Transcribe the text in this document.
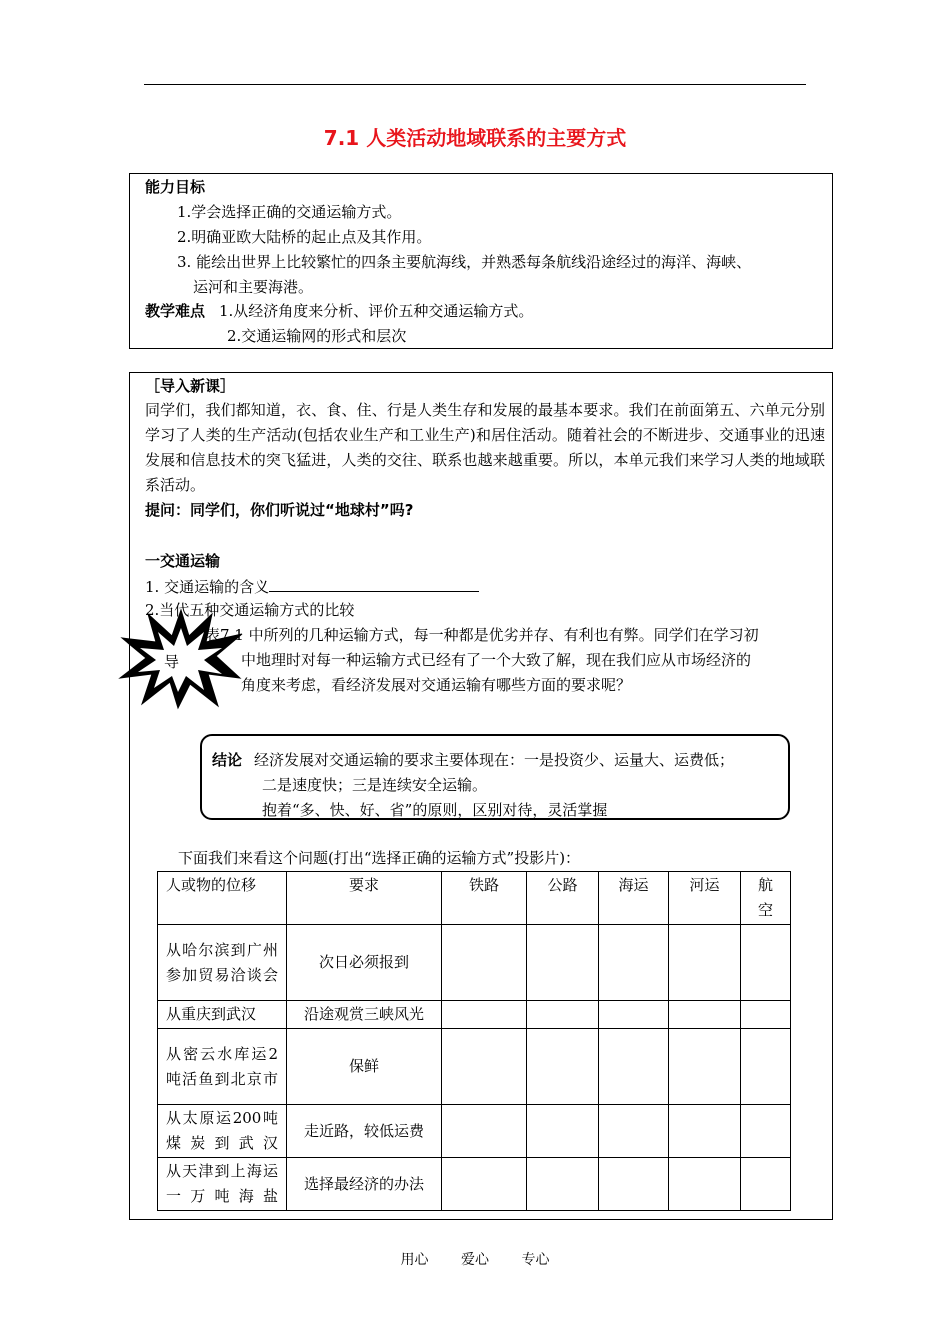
7.1 人类活动地域联系的主要方式
能力目标
1.学会选择正确的交通运输方式。
2.明确亚欧大陆桥的起止点及其作用。
3. 能绘出世界上比较繁忙的四条主要航海线，并熟悉每条航线沿途经过的海洋、海峡、
运河和主要海港。
教学难点 1.从经济角度来分析、评价五种交通运输方式。
2.交通运输网的形式和层次
［导入新课］
同学们，我们都知道，衣、食、住、行是人类生存和发展的最基本要求。我们在前面第五、六单元分别学习了人类的生产活动(包括农业生产和工业生产)和居住活动。随着社会的不断进步、交通事业的迅速发展和信息技术的突飞猛进，人类的交往、联系也越来越重要。所以，本单元我们来学习人类的地域联系活动。
提问：同学们，你们听说过“地球村”吗?
一交通运输
1. 交通运输的含义
2.当代五种交通运输方式的比较
导
表7.1 中所列的几种运输方式，每一种都是优劣并存、有利也有弊。同学们在学习初
中地理时对每一种运输方式已经有了一个大致了解，现在我们应从市场经济的
角度来考虑，看经济发展对交通运输有哪些方面的要求呢？
结论 经济发展对交通运输的要求主要体现在：一是投资少、运量大、运费低；
二是速度快；三是连续安全运输。
抱着“多、快、好、省”的原则，区别对待，灵活掌握
下面我们来看这个问题(打出“选择正确的运输方式”投影片)：
人或物的位移	要求	铁路	公路	海运	河运	航空
从哈尔滨到广州参加贸易洽谈会	次日必须报到					
从重庆到武汉	沿途观赏三峡风光					
从密云水库运2吨活鱼到北京市	保鲜					
从太原运200吨煤炭到武汉	走近路，较低运费					
从天津到上海运一万吨海盐	选择最经济的办法					
用心 爱心 专心
